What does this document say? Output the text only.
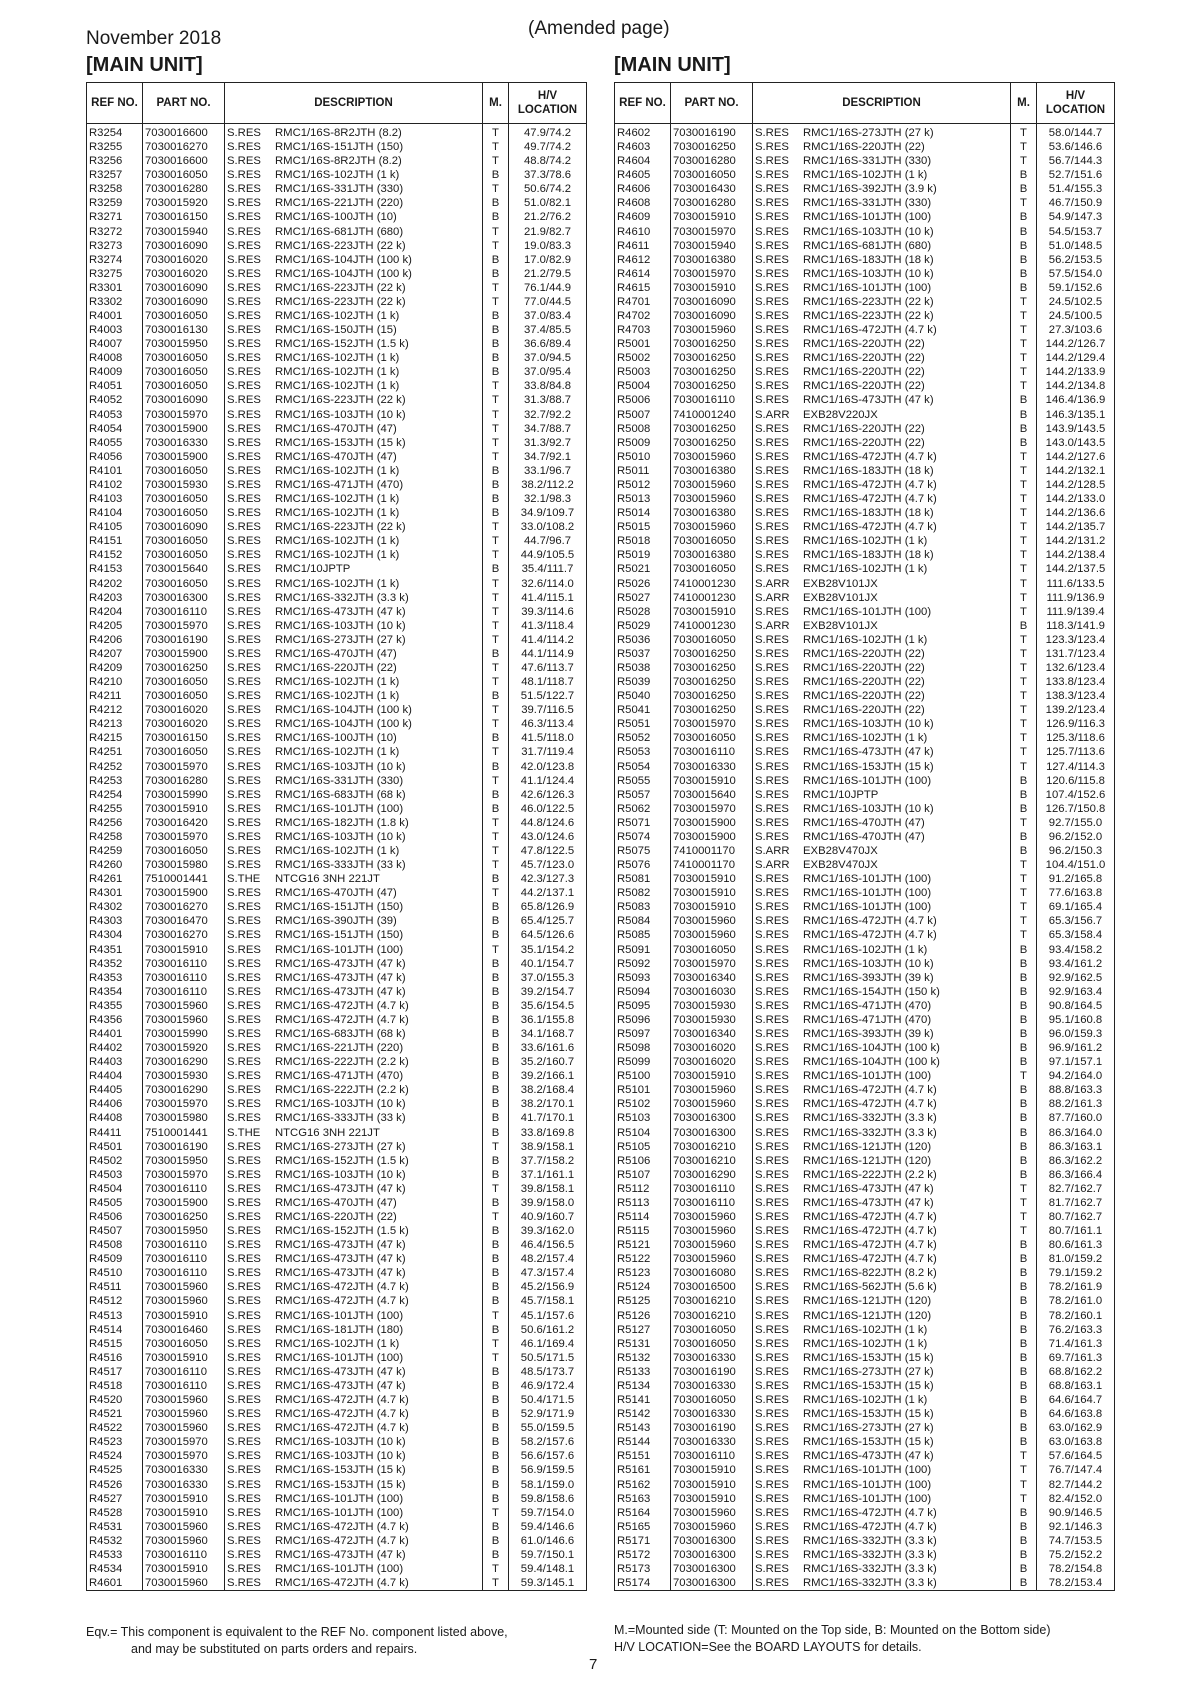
November 2018	(Amended page)
[MAIN UNIT]	[MAIN UNIT]
REF NO.	PART NO.	DESCRIPTION	M.	H/V LOCATION
R3254	7030016600	S.RES RMC1/16S-8R2JTH (8.2)	T	47.9/74.2
R3255	7030016270	S.RES RMC1/16S-151JTH (150)	T	49.7/74.2
R3256	7030016600	S.RES RMC1/16S-8R2JTH (8.2)	T	48.8/74.2
R3257	7030016050	S.RES RMC1/16S-102JTH (1 k)	B	37.3/78.6
R3258	7030016280	S.RES RMC1/16S-331JTH (330)	T	50.6/74.2
R3259	7030015920	S.RES RMC1/16S-221JTH (220)	B	51.0/82.1
R3271	7030016150	S.RES RMC1/16S-100JTH (10)	B	21.2/76.2
R3272	7030015940	S.RES RMC1/16S-681JTH (680)	T	21.9/82.7
R3273	7030016090	S.RES RMC1/16S-223JTH (22 k)	T	19.0/83.3
R3274	7030016020	S.RES RMC1/16S-104JTH (100 k)	B	17.0/82.9
R3275	7030016020	S.RES RMC1/16S-104JTH (100 k)	B	21.2/79.5
R3301	7030016090	S.RES RMC1/16S-223JTH (22 k)	T	76.1/44.9
R3302	7030016090	S.RES RMC1/16S-223JTH (22 k)	T	77.0/44.5
R4001	7030016050	S.RES RMC1/16S-102JTH (1 k)	B	37.0/83.4
R4003	7030016130	S.RES RMC1/16S-150JTH (15)	B	37.4/85.5
R4007	7030015950	S.RES RMC1/16S-152JTH (1.5 k)	B	36.6/89.4
R4008	7030016050	S.RES RMC1/16S-102JTH (1 k)	B	37.0/94.5
R4009	7030016050	S.RES RMC1/16S-102JTH (1 k)	B	37.0/95.4
R4051	7030016050	S.RES RMC1/16S-102JTH (1 k)	T	33.8/84.8
R4052	7030016090	S.RES RMC1/16S-223JTH (22 k)	T	31.3/88.7
R4053	7030015970	S.RES RMC1/16S-103JTH (10 k)	T	32.7/92.2
R4054	7030015900	S.RES RMC1/16S-470JTH (47)	T	34.7/88.7
R4055	7030016330	S.RES RMC1/16S-153JTH (15 k)	T	31.3/92.7
R4056	7030015900	S.RES RMC1/16S-470JTH (47)	T	34.7/92.1
R4101	7030016050	S.RES RMC1/16S-102JTH (1 k)	B	33.1/96.7
R4102	7030015930	S.RES RMC1/16S-471JTH (470)	B	38.2/112.2
R4103	7030016050	S.RES RMC1/16S-102JTH (1 k)	B	32.1/98.3
R4104	7030016050	S.RES RMC1/16S-102JTH (1 k)	B	34.9/109.7
R4105	7030016090	S.RES RMC1/16S-223JTH (22 k)	T	33.0/108.2
R4151	7030016050	S.RES RMC1/16S-102JTH (1 k)	T	44.7/96.7
R4152	7030016050	S.RES RMC1/16S-102JTH (1 k)	T	44.9/105.5
R4153	7030015640	S.RES RMC1/10JPTP	B	35.4/111.7
R4202	7030016050	S.RES RMC1/16S-102JTH (1 k)	T	32.6/114.0
R4203	7030016300	S.RES RMC1/16S-332JTH (3.3 k)	T	41.4/115.1
R4204	7030016110	S.RES RMC1/16S-473JTH (47 k)	T	39.3/114.6
R4205	7030015970	S.RES RMC1/16S-103JTH (10 k)	T	41.3/118.4
R4206	7030016190	S.RES RMC1/16S-273JTH (27 k)	T	41.4/114.2
R4207	7030015900	S.RES RMC1/16S-470JTH (47)	B	44.1/114.9
R4209	7030016250	S.RES RMC1/16S-220JTH (22)	T	47.6/113.7
R4210	7030016050	S.RES RMC1/16S-102JTH (1 k)	T	48.1/118.7
R4211	7030016050	S.RES RMC1/16S-102JTH (1 k)	B	51.5/122.7
R4212	7030016020	S.RES RMC1/16S-104JTH (100 k)	T	39.7/116.5
R4213	7030016020	S.RES RMC1/16S-104JTH (100 k)	T	46.3/113.4
R4215	7030016150	S.RES RMC1/16S-100JTH (10)	B	41.5/118.0
R4251	7030016050	S.RES RMC1/16S-102JTH (1 k)	T	31.7/119.4
R4252	7030015970	S.RES RMC1/16S-103JTH (10 k)	B	42.0/123.8
R4253	7030016280	S.RES RMC1/16S-331JTH (330)	T	41.1/124.4
R4254	7030015990	S.RES RMC1/16S-683JTH (68 k)	B	42.6/126.3
R4255	7030015910	S.RES RMC1/16S-101JTH (100)	B	46.0/122.5
R4256	7030016420	S.RES RMC1/16S-182JTH (1.8 k)	T	44.8/124.6
R4258	7030015970	S.RES RMC1/16S-103JTH (10 k)	T	43.0/124.6
R4259	7030016050	S.RES RMC1/16S-102JTH (1 k)	T	47.8/122.5
R4260	7030015980	S.RES RMC1/16S-333JTH (33 k)	T	45.7/123.0
R4261	7510001441	S.THE NTCG16 3NH 221JT	B	42.3/127.3
R4301	7030015900	S.RES RMC1/16S-470JTH (47)	T	44.2/137.1
R4302	7030016270	S.RES RMC1/16S-151JTH (150)	B	65.8/126.9
R4303	7030016470	S.RES RMC1/16S-390JTH (39)	B	65.4/125.7
R4304	7030016270	S.RES RMC1/16S-151JTH (150)	B	64.5/126.6
R4351	7030015910	S.RES RMC1/16S-101JTH (100)	T	35.1/154.2
R4352	7030016110	S.RES RMC1/16S-473JTH (47 k)	B	40.1/154.7
R4353	7030016110	S.RES RMC1/16S-473JTH (47 k)	B	37.0/155.3
R4354	7030016110	S.RES RMC1/16S-473JTH (47 k)	B	39.2/154.7
R4355	7030015960	S.RES RMC1/16S-472JTH (4.7 k)	B	35.6/154.5
R4356	7030015960	S.RES RMC1/16S-472JTH (4.7 k)	B	36.1/155.8
R4401	7030015990	S.RES RMC1/16S-683JTH (68 k)	B	34.1/168.7
R4402	7030015920	S.RES RMC1/16S-221JTH (220)	B	33.6/161.6
R4403	7030016290	S.RES RMC1/16S-222JTH (2.2 k)	B	35.2/160.7
R4404	7030015930	S.RES RMC1/16S-471JTH (470)	B	39.2/166.1
R4405	7030016290	S.RES RMC1/16S-222JTH (2.2 k)	B	38.2/168.4
R4406	7030015970	S.RES RMC1/16S-103JTH (10 k)	B	38.2/170.1
R4408	7030015980	S.RES RMC1/16S-333JTH (33 k)	B	41.7/170.1
R4411	7510001441	S.THE NTCG16 3NH 221JT	B	33.8/169.8
R4501	7030016190	S.RES RMC1/16S-273JTH (27 k)	T	38.9/158.1
R4502	7030015950	S.RES RMC1/16S-152JTH (1.5 k)	B	37.7/158.2
R4503	7030015970	S.RES RMC1/16S-103JTH (10 k)	B	37.1/161.1
R4504	7030016110	S.RES RMC1/16S-473JTH (47 k)	T	39.8/158.1
R4505	7030015900	S.RES RMC1/16S-470JTH (47)	B	39.9/158.0
R4506	7030016250	S.RES RMC1/16S-220JTH (22)	T	40.9/160.7
R4507	7030015950	S.RES RMC1/16S-152JTH (1.5 k)	B	39.3/162.0
R4508	7030016110	S.RES RMC1/16S-473JTH (47 k)	B	46.4/156.5
R4509	7030016110	S.RES RMC1/16S-473JTH (47 k)	B	48.2/157.4
R4510	7030016110	S.RES RMC1/16S-473JTH (47 k)	B	47.3/157.4
R4511	7030015960	S.RES RMC1/16S-472JTH (4.7 k)	B	45.2/156.9
R4512	7030015960	S.RES RMC1/16S-472JTH (4.7 k)	B	45.7/158.1
R4513	7030015910	S.RES RMC1/16S-101JTH (100)	T	45.1/157.6
R4514	7030016460	S.RES RMC1/16S-181JTH (180)	B	50.6/161.2
R4515	7030016050	S.RES RMC1/16S-102JTH (1 k)	T	46.1/169.4
R4516	7030015910	S.RES RMC1/16S-101JTH (100)	T	50.5/171.5
R4517	7030016110	S.RES RMC1/16S-473JTH (47 k)	B	48.5/173.7
R4518	7030016110	S.RES RMC1/16S-473JTH (47 k)	B	46.9/172.4
R4520	7030015960	S.RES RMC1/16S-472JTH (4.7 k)	B	50.4/171.5
R4521	7030015960	S.RES RMC1/16S-472JTH (4.7 k)	B	52.9/171.9
R4522	7030015960	S.RES RMC1/16S-472JTH (4.7 k)	B	55.0/159.5
R4523	7030015970	S.RES RMC1/16S-103JTH (10 k)	B	58.2/157.6
R4524	7030015970	S.RES RMC1/16S-103JTH (10 k)	B	56.6/157.6
R4525	7030016330	S.RES RMC1/16S-153JTH (15 k)	B	56.9/159.5
R4526	7030016330	S.RES RMC1/16S-153JTH (15 k)	B	58.1/159.0
R4527	7030015910	S.RES RMC1/16S-101JTH (100)	B	59.8/158.6
R4528	7030015910	S.RES RMC1/16S-101JTH (100)	T	59.7/154.0
R4531	7030015960	S.RES RMC1/16S-472JTH (4.7 k)	B	59.4/146.6
R4532	7030015960	S.RES RMC1/16S-472JTH (4.7 k)	B	61.0/146.6
R4533	7030016110	S.RES RMC1/16S-473JTH (47 k)	B	59.7/150.1
R4534	7030015910	S.RES RMC1/16S-101JTH (100)	T	59.4/148.1
R4601	7030015960	S.RES RMC1/16S-472JTH (4.7 k)	T	59.3/145.1
REF NO.	PART NO.	DESCRIPTION	M.	H/V LOCATION
R4602	7030016190	S.RES RMC1/16S-273JTH (27 k)	T	58.0/144.7
R4603	7030016250	S.RES RMC1/16S-220JTH (22)	T	53.6/146.6
R4604	7030016280	S.RES RMC1/16S-331JTH (330)	T	56.7/144.3
R4605	7030016050	S.RES RMC1/16S-102JTH (1 k)	B	52.7/151.6
R4606	7030016430	S.RES RMC1/16S-392JTH (3.9 k)	B	51.4/155.3
R4608	7030016280	S.RES RMC1/16S-331JTH (330)	T	46.7/150.9
R4609	7030015910	S.RES RMC1/16S-101JTH (100)	B	54.9/147.3
R4610	7030015970	S.RES RMC1/16S-103JTH (10 k)	B	54.5/153.7
R4611	7030015940	S.RES RMC1/16S-681JTH (680)	B	51.0/148.5
R4612	7030016380	S.RES RMC1/16S-183JTH (18 k)	B	56.2/153.5
R4614	7030015970	S.RES RMC1/16S-103JTH (10 k)	B	57.5/154.0
R4615	7030015910	S.RES RMC1/16S-101JTH (100)	B	59.1/152.6
R4701	7030016090	S.RES RMC1/16S-223JTH (22 k)	T	24.5/102.5
R4702	7030016090	S.RES RMC1/16S-223JTH (22 k)	T	24.5/100.5
R4703	7030015960	S.RES RMC1/16S-472JTH (4.7 k)	T	27.3/103.6
R5001	7030016250	S.RES RMC1/16S-220JTH (22)	T	144.2/126.7
R5002	7030016250	S.RES RMC1/16S-220JTH (22)	T	144.2/129.4
R5003	7030016250	S.RES RMC1/16S-220JTH (22)	T	144.2/133.9
R5004	7030016250	S.RES RMC1/16S-220JTH (22)	T	144.2/134.8
R5006	7030016110	S.RES RMC1/16S-473JTH (47 k)	B	146.4/136.9
R5007	7410001240	S.ARR EXB28V220JX	B	146.3/135.1
R5008	7030016250	S.RES RMC1/16S-220JTH (22)	B	143.9/143.5
R5009	7030016250	S.RES RMC1/16S-220JTH (22)	B	143.0/143.5
R5010	7030015960	S.RES RMC1/16S-472JTH (4.7 k)	T	144.2/127.6
R5011	7030016380	S.RES RMC1/16S-183JTH (18 k)	T	144.2/132.1
R5012	7030015960	S.RES RMC1/16S-472JTH (4.7 k)	T	144.2/128.5
R5013	7030015960	S.RES RMC1/16S-472JTH (4.7 k)	T	144.2/133.0
R5014	7030016380	S.RES RMC1/16S-183JTH (18 k)	T	144.2/136.6
R5015	7030015960	S.RES RMC1/16S-472JTH (4.7 k)	T	144.2/135.7
R5018	7030016050	S.RES RMC1/16S-102JTH (1 k)	T	144.2/131.2
R5019	7030016380	S.RES RMC1/16S-183JTH (18 k)	T	144.2/138.4
R5021	7030016050	S.RES RMC1/16S-102JTH (1 k)	T	144.2/137.5
R5026	7410001230	S.ARR EXB28V101JX	T	111.6/133.5
R5027	7410001230	S.ARR EXB28V101JX	T	111.9/136.9
R5028	7030015910	S.RES RMC1/16S-101JTH (100)	T	111.9/139.4
R5029	7410001230	S.ARR EXB28V101JX	B	118.3/141.9
R5036	7030016050	S.RES RMC1/16S-102JTH (1 k)	T	123.3/123.4
R5037	7030016250	S.RES RMC1/16S-220JTH (22)	T	131.7/123.4
R5038	7030016250	S.RES RMC1/16S-220JTH (22)	T	132.6/123.4
R5039	7030016250	S.RES RMC1/16S-220JTH (22)	T	133.8/123.4
R5040	7030016250	S.RES RMC1/16S-220JTH (22)	T	138.3/123.4
R5041	7030016250	S.RES RMC1/16S-220JTH (22)	T	139.2/123.4
R5051	7030015970	S.RES RMC1/16S-103JTH (10 k)	T	126.9/116.3
R5052	7030016050	S.RES RMC1/16S-102JTH (1 k)	T	125.3/118.6
R5053	7030016110	S.RES RMC1/16S-473JTH (47 k)	T	125.7/113.6
R5054	7030016330	S.RES RMC1/16S-153JTH (15 k)	T	127.4/114.3
R5055	7030015910	S.RES RMC1/16S-101JTH (100)	B	120.6/115.8
R5057	7030015640	S.RES RMC1/10JPTP	B	107.4/152.6
R5062	7030015970	S.RES RMC1/16S-103JTH (10 k)	B	126.7/150.8
R5071	7030015900	S.RES RMC1/16S-470JTH (47)	T	92.7/155.0
R5074	7030015900	S.RES RMC1/16S-470JTH (47)	B	96.2/152.0
R5075	7410001170	S.ARR EXB28V470JX	B	96.2/150.3
R5076	7410001170	S.ARR EXB28V470JX	T	104.4/151.0
R5081	7030015910	S.RES RMC1/16S-101JTH (100)	T	91.2/165.8
R5082	7030015910	S.RES RMC1/16S-101JTH (100)	T	77.6/163.8
R5083	7030015910	S.RES RMC1/16S-101JTH (100)	T	69.1/165.4
R5084	7030015960	S.RES RMC1/16S-472JTH (4.7 k)	T	65.3/156.7
R5085	7030015960	S.RES RMC1/16S-472JTH (4.7 k)	T	65.3/158.4
R5091	7030016050	S.RES RMC1/16S-102JTH (1 k)	B	93.4/158.2
R5092	7030015970	S.RES RMC1/16S-103JTH (10 k)	B	93.4/161.2
R5093	7030016340	S.RES RMC1/16S-393JTH (39 k)	B	92.9/162.5
R5094	7030016030	S.RES RMC1/16S-154JTH (150 k)	B	92.9/163.4
R5095	7030015930	S.RES RMC1/16S-471JTH (470)	B	90.8/164.5
R5096	7030015930	S.RES RMC1/16S-471JTH (470)	B	95.1/160.8
R5097	7030016340	S.RES RMC1/16S-393JTH (39 k)	B	96.0/159.3
R5098	7030016020	S.RES RMC1/16S-104JTH (100 k)	B	96.9/161.2
R5099	7030016020	S.RES RMC1/16S-104JTH (100 k)	B	97.1/157.1
R5100	7030015910	S.RES RMC1/16S-101JTH (100)	T	94.2/164.0
R5101	7030015960	S.RES RMC1/16S-472JTH (4.7 k)	B	88.8/163.3
R5102	7030015960	S.RES RMC1/16S-472JTH (4.7 k)	B	88.2/161.3
R5103	7030016300	S.RES RMC1/16S-332JTH (3.3 k)	B	87.7/160.0
R5104	7030016300	S.RES RMC1/16S-332JTH (3.3 k)	B	86.3/164.0
R5105	7030016210	S.RES RMC1/16S-121JTH (120)	B	86.3/163.1
R5106	7030016210	S.RES RMC1/16S-121JTH (120)	B	86.3/162.2
R5107	7030016290	S.RES RMC1/16S-222JTH (2.2 k)	B	86.3/166.4
R5112	7030016110	S.RES RMC1/16S-473JTH (47 k)	T	82.7/162.7
R5113	7030016110	S.RES RMC1/16S-473JTH (47 k)	T	81.7/162.7
R5114	7030015960	S.RES RMC1/16S-472JTH (4.7 k)	T	80.7/162.7
R5115	7030015960	S.RES RMC1/16S-472JTH (4.7 k)	T	80.7/161.1
R5121	7030015960	S.RES RMC1/16S-472JTH (4.7 k)	B	80.6/161.3
R5122	7030015960	S.RES RMC1/16S-472JTH (4.7 k)	B	81.0/159.2
R5123	7030016080	S.RES RMC1/16S-822JTH (8.2 k)	B	79.1/159.2
R5124	7030016500	S.RES RMC1/16S-562JTH (5.6 k)	B	78.2/161.9
R5125	7030016210	S.RES RMC1/16S-121JTH (120)	B	78.2/161.0
R5126	7030016210	S.RES RMC1/16S-121JTH (120)	B	78.2/160.1
R5127	7030016050	S.RES RMC1/16S-102JTH (1 k)	B	76.2/163.3
R5131	7030016050	S.RES RMC1/16S-102JTH (1 k)	B	71.4/161.3
R5132	7030016330	S.RES RMC1/16S-153JTH (15 k)	B	69.7/161.3
R5133	7030016190	S.RES RMC1/16S-273JTH (27 k)	B	68.8/162.2
R5134	7030016330	S.RES RMC1/16S-153JTH (15 k)	B	68.8/163.1
R5141	7030016050	S.RES RMC1/16S-102JTH (1 k)	B	64.6/164.7
R5142	7030016330	S.RES RMC1/16S-153JTH (15 k)	B	64.6/163.8
R5143	7030016190	S.RES RMC1/16S-273JTH (27 k)	B	63.0/162.9
R5144	7030016330	S.RES RMC1/16S-153JTH (15 k)	B	63.0/163.8
R5151	7030016110	S.RES RMC1/16S-473JTH (47 k)	T	57.6/164.5
R5161	7030015910	S.RES RMC1/16S-101JTH (100)	T	76.7/147.4
R5162	7030015910	S.RES RMC1/16S-101JTH (100)	T	82.7/144.2
R5163	7030015910	S.RES RMC1/16S-101JTH (100)	T	82.4/152.0
R5164	7030015960	S.RES RMC1/16S-472JTH (4.7 k)	B	90.9/146.5
R5165	7030015960	S.RES RMC1/16S-472JTH (4.7 k)	B	92.1/146.3
R5171	7030016300	S.RES RMC1/16S-332JTH (3.3 k)	B	74.7/153.5
R5172	7030016300	S.RES RMC1/16S-332JTH (3.3 k)	B	75.2/152.2
R5173	7030016300	S.RES RMC1/16S-332JTH (3.3 k)	B	78.2/154.8
R5174	7030016300	S.RES RMC1/16S-332JTH (3.3 k)	B	78.2/153.4
Eqv.= This component is equivalent to the REF No. component listed above,
and may be substituted on parts orders and repairs.
M.=Mounted side (T: Mounted on the Top side, B: Mounted on the Bottom side)
H/V LOCATION=See the BOARD LAYOUTS for details.
7
